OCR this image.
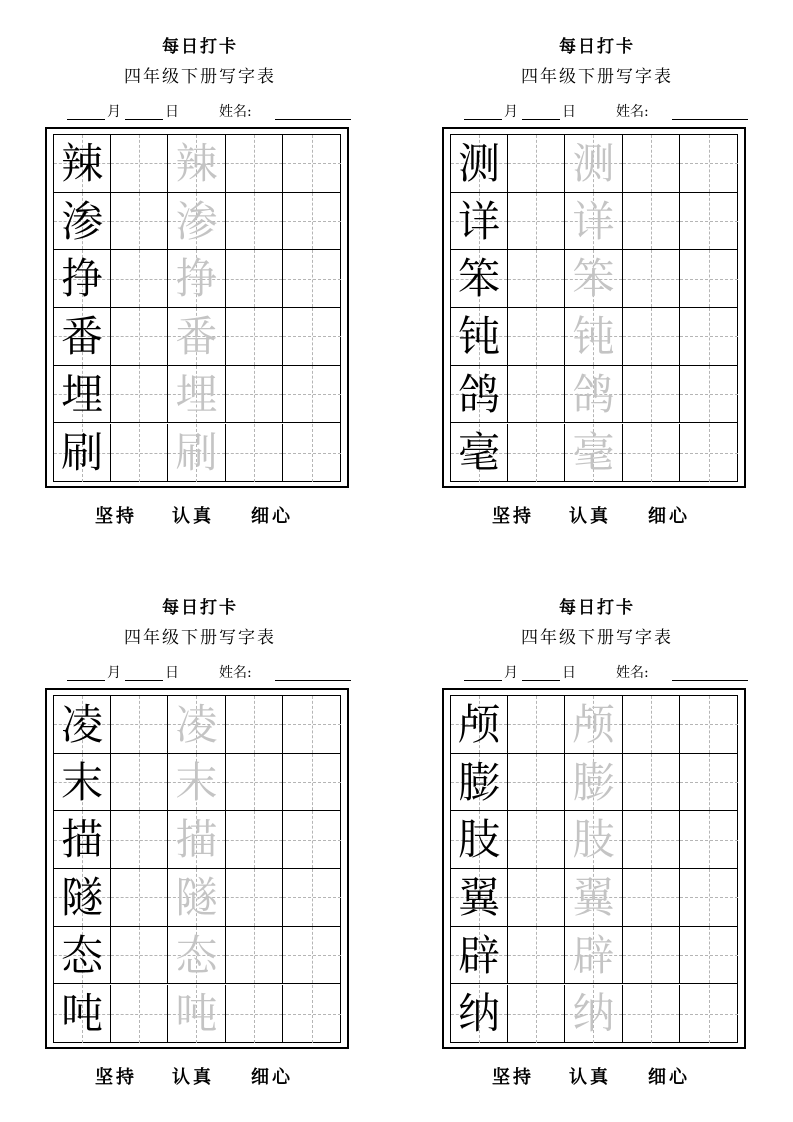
每日打卡
四年级下册写字表
月	日	姓名:
辣 辣
渗 渗
挣 挣
番 番
埋 埋
刷 刷
坚持 认真 细心
每日打卡
四年级下册写字表
月	日	姓名:
测 测
详 详
笨 笨
钝 钝
鸽 鸽
毫 毫
坚持 认真 细心
每日打卡
四年级下册写字表
月	日	姓名:
凌 凌
末 末
描 描
隧 隧
态 态
吨 吨
坚持 认真 细心
每日打卡
四年级下册写字表
月	日	姓名:
颅 颅
膨 膨
肢 肢
翼 翼
辟 辟
纳 纳
坚持 认真 细心
